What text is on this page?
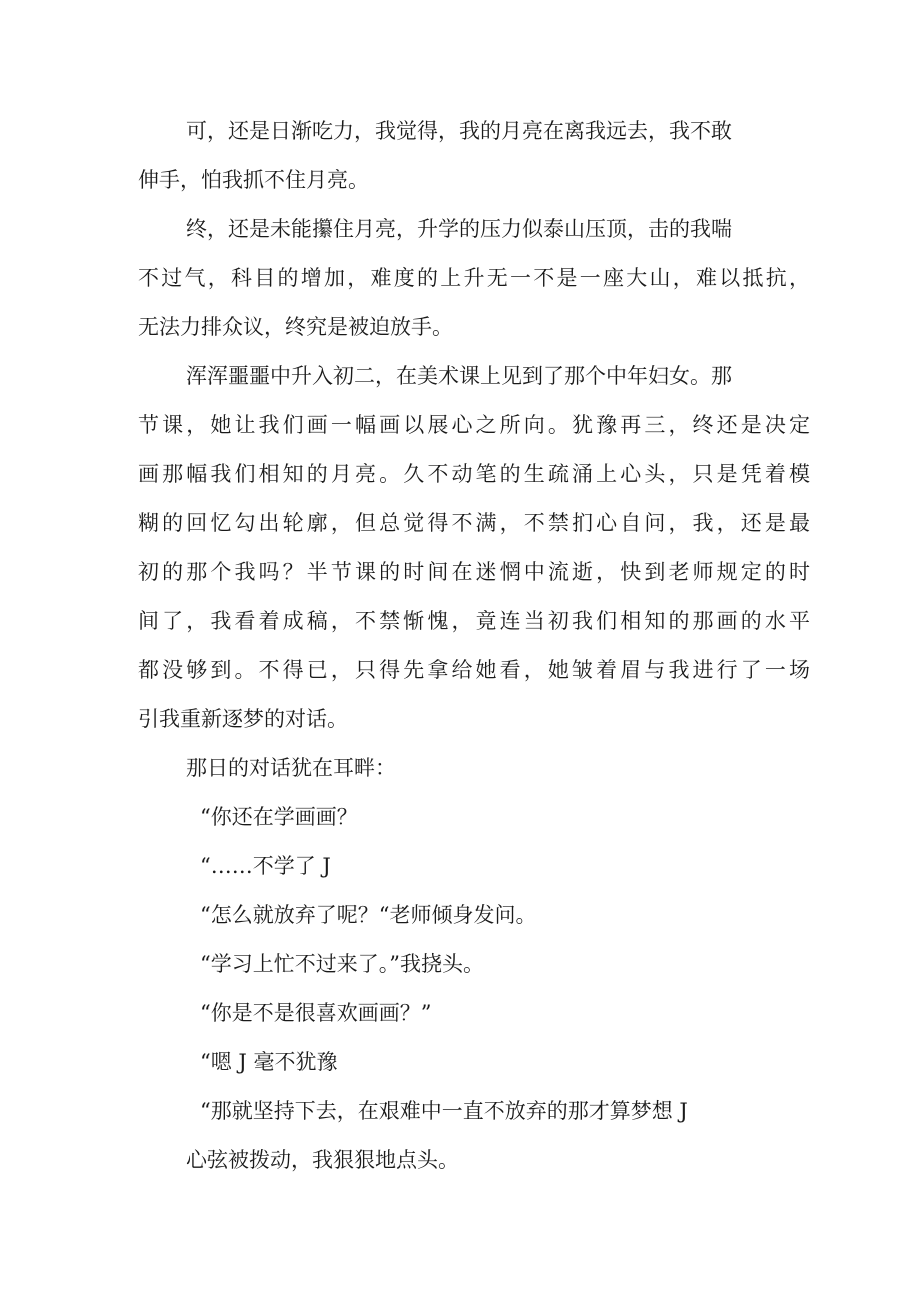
可，还是日渐吃力，我觉得，我的月亮在离我远去，我不敢

伸手，怕我抓不住月亮。

终，还是未能攥住月亮，升学的压力似泰山压顶，击的我喘

不过气，科目的增加，难度的上升无一不是一座大山，难以抵抗，

无法力排众议，终究是被迫放手。

浑浑噩噩中升入初二，在美术课上见到了那个中年妇女。那

节课，她让我们画一幅画以展心之所向。犹豫再三，终还是决定

画那幅我们相知的月亮。久不动笔的生疏涌上心头，只是凭着模

糊的回忆勾出轮廓，但总觉得不满，不禁扪心自问，我，还是最

初的那个我吗？半节课的时间在迷惘中流逝，快到老师规定的时

间了，我看着成稿，不禁惭愧，竟连当初我们相知的那画的水平

都没够到。不得已，只得先拿给她看，她皱着眉与我进行了一场

引我重新逐梦的对话。

那日的对话犹在耳畔：

“你还在学画画？

“……不学了 J

“怎么就放弃了呢？“老师倾身发问。

“学习上忙不过来了。”我挠头。

“你是不是很喜欢画画？”

“嗯 J 毫不犹豫

“那就坚持下去，在艰难中一直不放弃的那才算梦想 J

心弦被拨动，我狠狠地点头。
